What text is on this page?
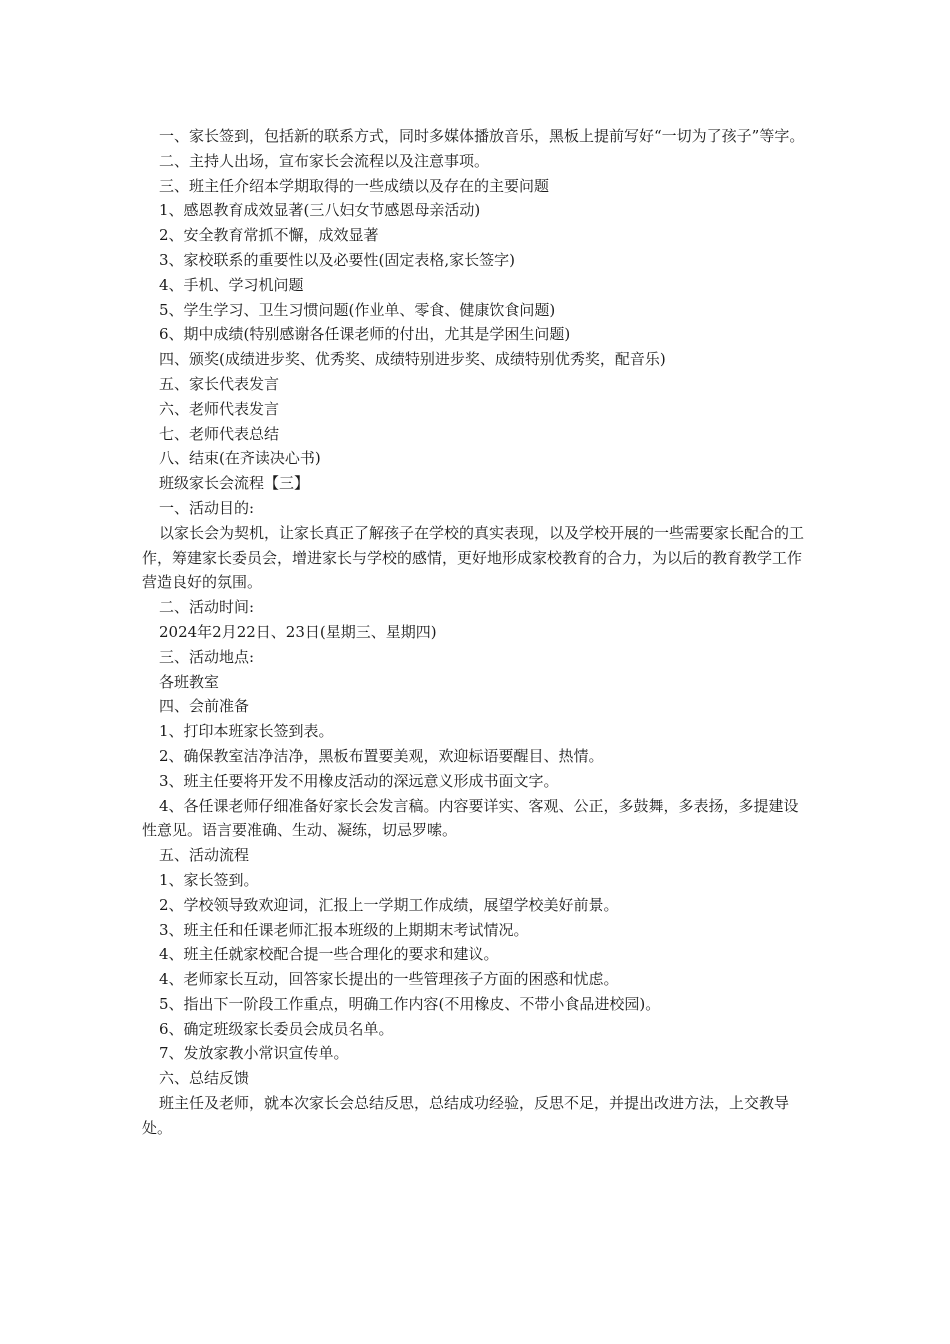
一、家长签到，包括新的联系方式，同时多媒体播放音乐，黑板上提前写好“一切为了孩子”等字。

二、主持人出场，宣布家长会流程以及注意事项。

三、班主任介绍本学期取得的一些成绩以及存在的主要问题

1、感恩教育成效显著(三八妇女节感恩母亲活动)

2、安全教育常抓不懈，成效显著

3、家校联系的重要性以及必要性(固定表格,家长签字)

4、手机、学习机问题

5、学生学习、卫生习惯问题(作业单、零食、健康饮食问题)

6、期中成绩(特别感谢各任课老师的付出，尤其是学困生问题)

四、颁奖(成绩进步奖、优秀奖、成绩特别进步奖、成绩特别优秀奖，配音乐)

五、家长代表发言

六、老师代表发言

七、老师代表总结

八、结束(在齐读决心书)

班级家长会流程【三】

一、活动目的:

以家长会为契机，让家长真正了解孩子在学校的真实表现，以及学校开展的一些需要家长配合的工作，筹建家长委员会，增进家长与学校的感情，更好地形成家校教育的合力，为以后的教育教学工作营造良好的氛围。

二、活动时间:

2024年2月22日、23日(星期三、星期四)

三、活动地点:

各班教室

四、会前准备

1、打印本班家长签到表。

2、确保教室洁净洁净，黑板布置要美观，欢迎标语要醒目、热情。

3、班主任要将开发不用橡皮活动的深远意义形成书面文字。

4、各任课老师仔细准备好家长会发言稿。内容要详实、客观、公正，多鼓舞，多表扬，多提建设性意见。语言要准确、生动、凝练，切忌罗嗦。

五、活动流程

1、家长签到。

2、学校领导致欢迎词，汇报上一学期工作成绩，展望学校美好前景。

3、班主任和任课老师汇报本班级的上期期末考试情况。

4、班主任就家校配合提一些合理化的要求和建议。

4、老师家长互动，回答家长提出的一些管理孩子方面的困惑和忧虑。

5、指出下一阶段工作重点，明确工作内容(不用橡皮、不带小食品进校园)。

6、确定班级家长委员会成员名单。

7、发放家教小常识宣传单。

六、总结反馈

班主任及老师，就本次家长会总结反思，总结成功经验，反思不足，并提出改进方法，上交教导处。
